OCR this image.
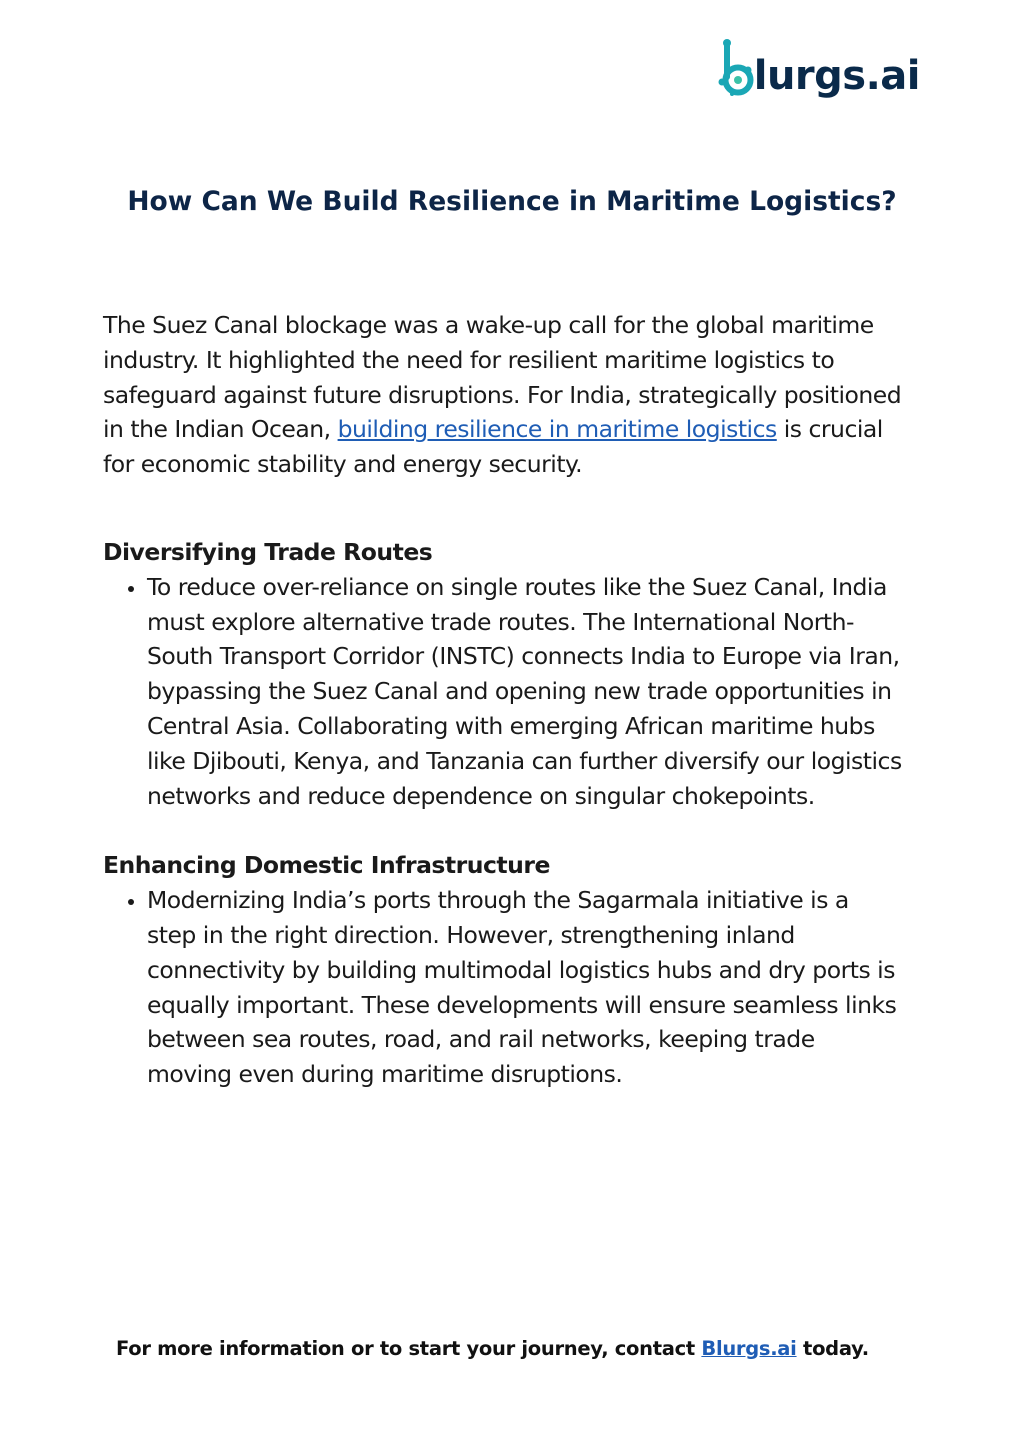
lurgs.ai
How Can We Build Resilience in Maritime Logistics?

The Suez Canal blockage was a wake-up call for the global maritime industry. It highlighted the need for resilient maritime logistics to safeguard against future disruptions. For India, strategically positioned in the Indian Ocean, building resilience in maritime logistics is crucial for economic stability and energy security.

Diversifying Trade Routes
• To reduce over-reliance on single routes like the Suez Canal, India must explore alternative trade routes. The International North-South Transport Corridor (INSTC) connects India to Europe via Iran, bypassing the Suez Canal and opening new trade opportunities in Central Asia. Collaborating with emerging African maritime hubs like Djibouti, Kenya, and Tanzania can further diversify our logistics networks and reduce dependence on singular chokepoints.
Enhancing Domestic Infrastructure
• Modernizing India’s ports through the Sagarmala initiative is a step in the right direction. However, strengthening inland connectivity by building multimodal logistics hubs and dry ports is equally important. These developments will ensure seamless links between sea routes, road, and rail networks, keeping trade moving even during maritime disruptions.

For more information or to start your journey, contact Blurgs.ai today.
